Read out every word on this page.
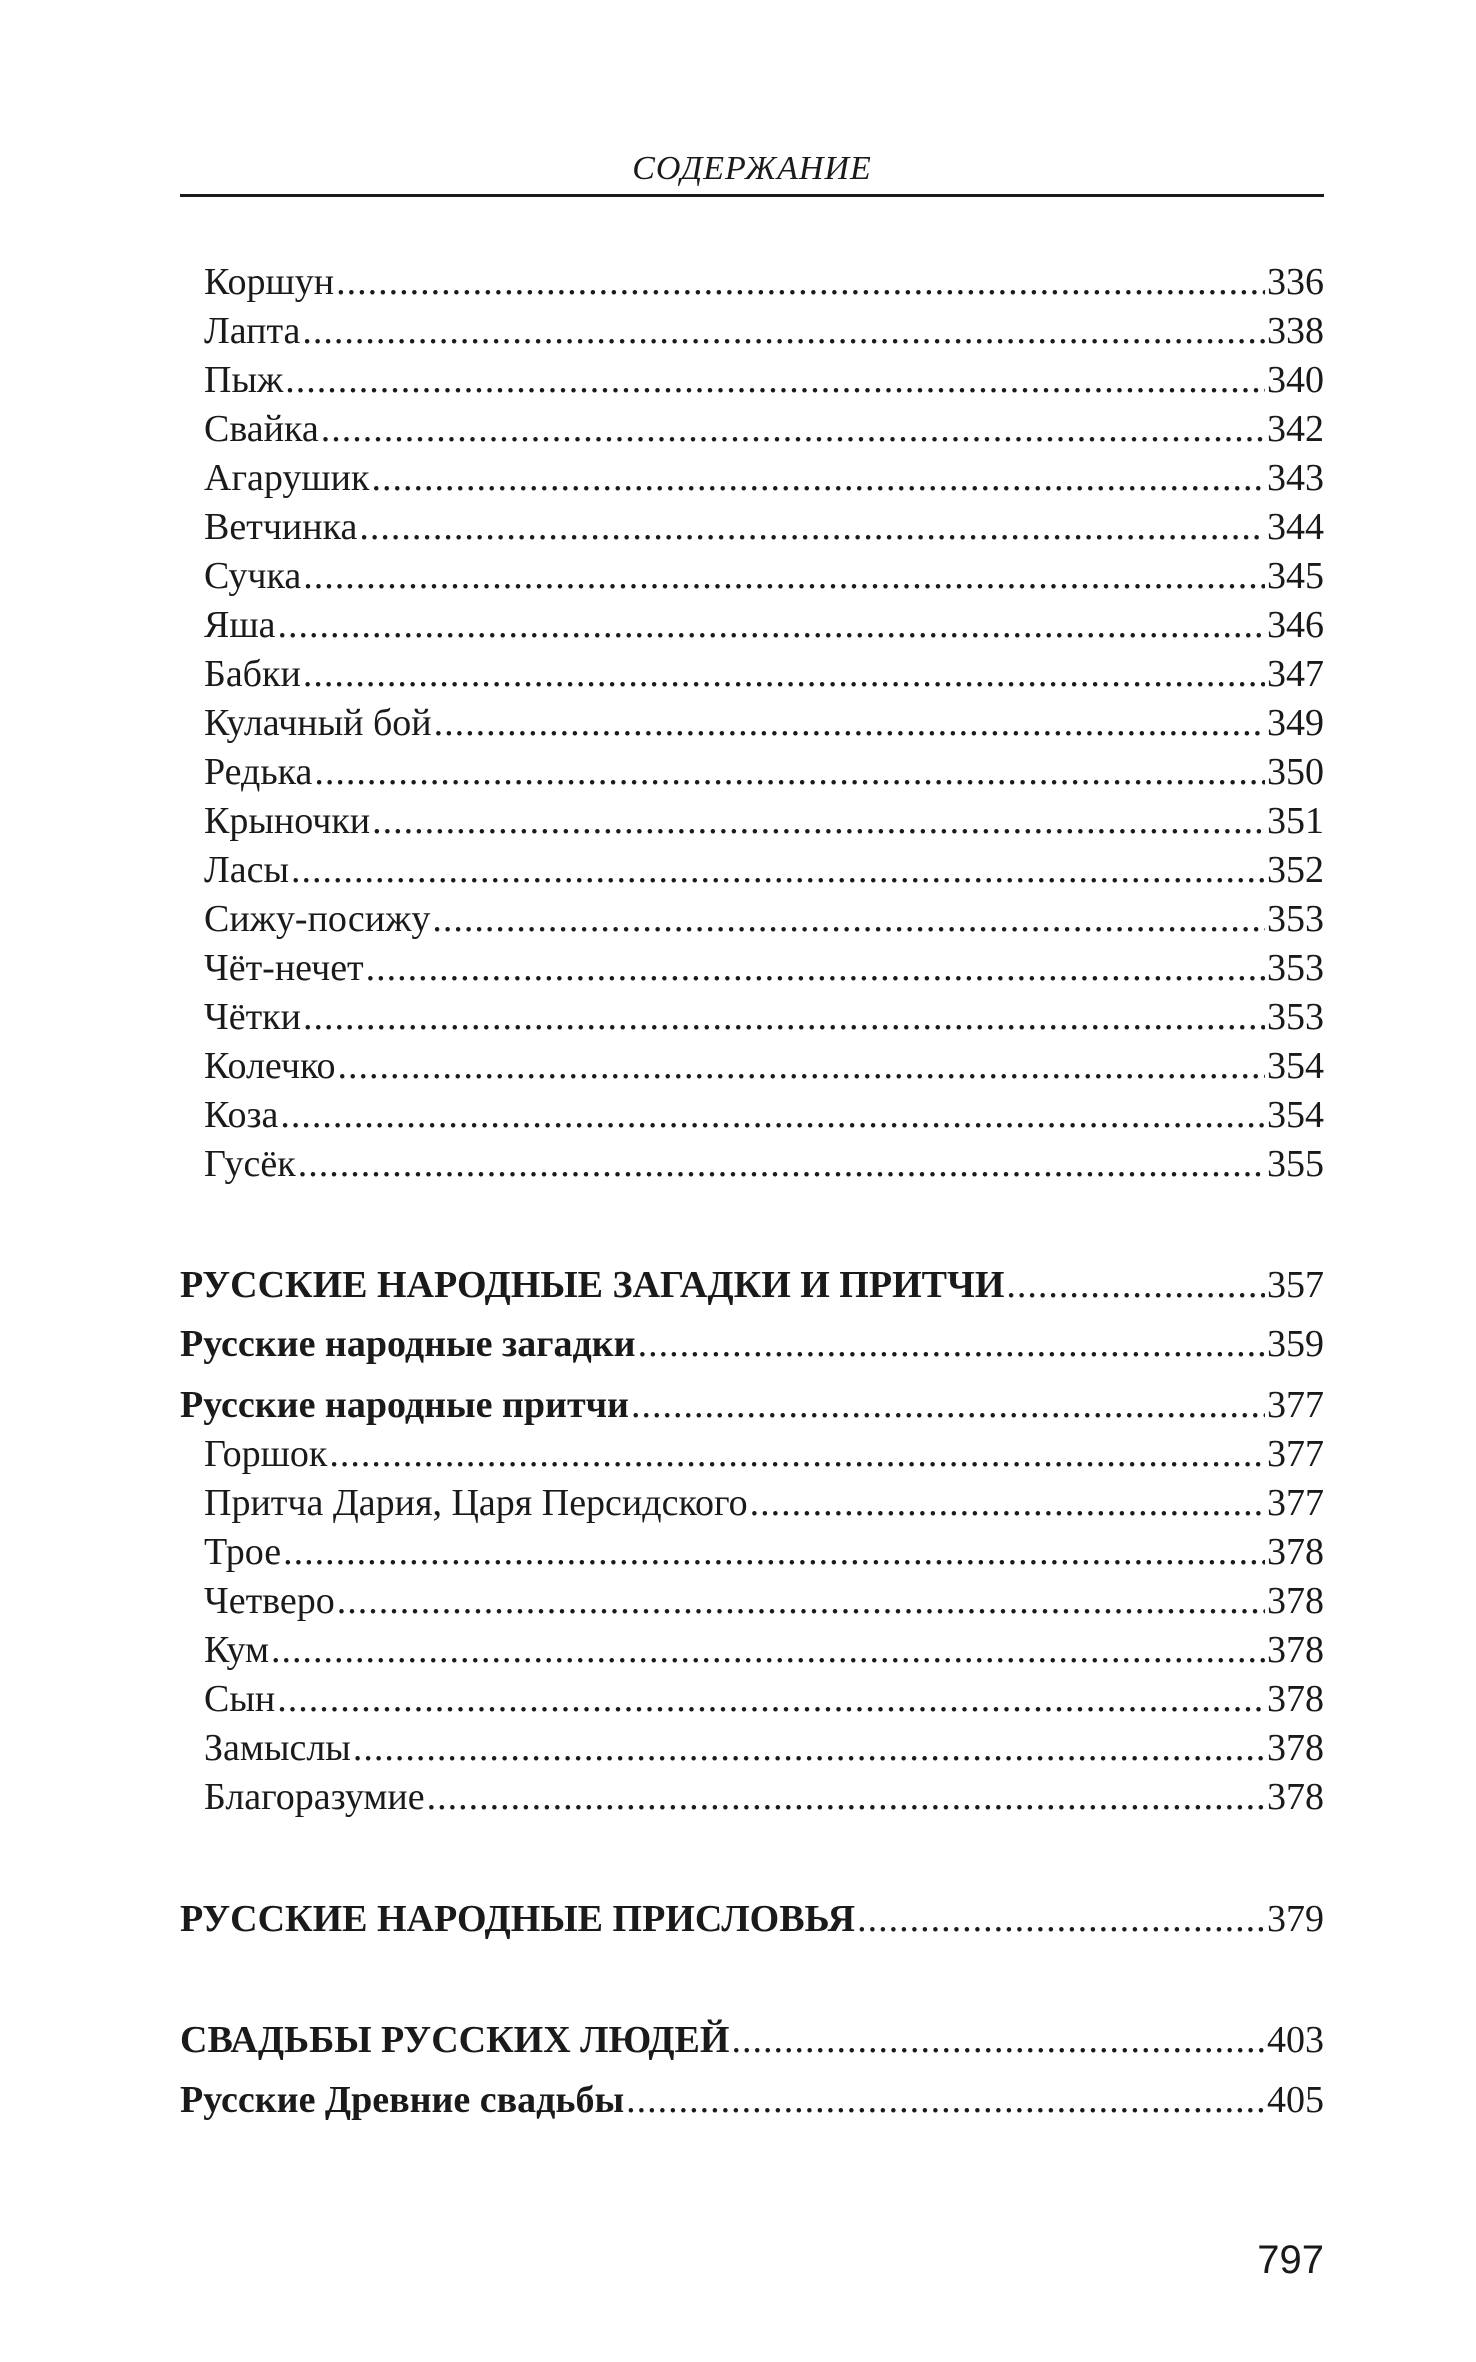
СОДЕРЖАНИЕ
Коршун .....	336
Лапта .....	338
Пыж .....	340
Свайка .....	342
Агарушик .....	343
Ветчинка .....	344
Сучка .....	345
Яша .....	346
Бабки .....	347
Кулачный бой .....	349
Редька .....	350
Крыночки .....	351
Ласы .....	352
Сижу-посижу .....	353
Чёт-нечет .....	353
Чётки .....	353
Колечко .....	354
Коза .....	354
Гусёк .....	355
РУССКИЕ НАРОДНЫЕ ЗАГАДКИ И ПРИТЧИ .....	357
Русские народные загадки .....	359
Русские народные притчи .....	377
Горшок .....	377
Притча Дария, Царя Персидского .....	377
Трое .....	378
Четверо .....	378
Кум .....	378
Сын .....	378
Замыслы .....	378
Благоразумие .....	378
РУССКИЕ НАРОДНЫЕ ПРИСЛОВЬЯ .....	379
СВАДЬБЫ РУССКИХ ЛЮДЕЙ .....	403
Русские Древние свадьбы .....	405
797
